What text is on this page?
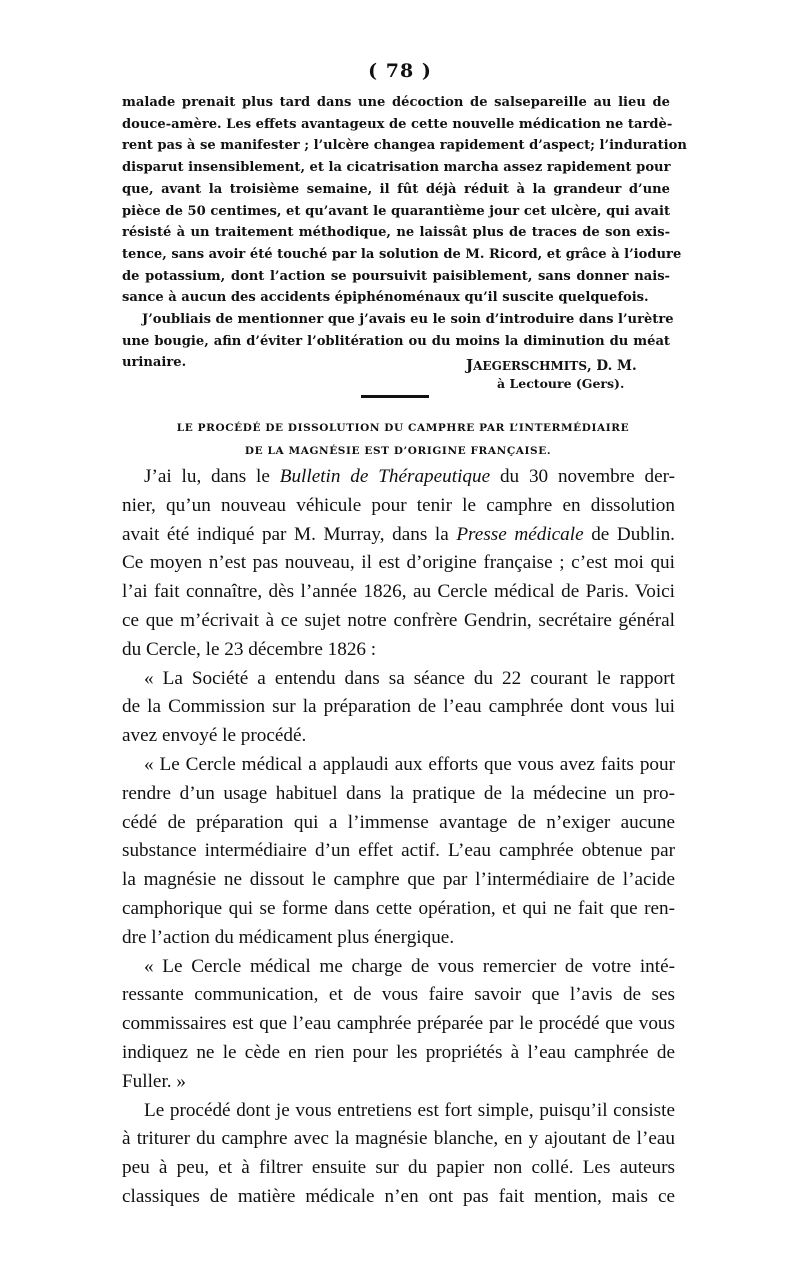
( 78 )
malade prenait plus tard dans une décoction de salsepareille au lieu de
douce-amère. Les effets avantageux de cette nouvelle médication ne tardè-
rent pas à se manifester ; l’ulcère changea rapidement d’aspect; l’induration
disparut insensiblement, et la cicatrisation marcha assez rapidement pour
que, avant la troisième semaine, il fût déjà réduit à la grandeur d’une
pièce de 50 centimes, et qu’avant le quarantième jour cet ulcère, qui avait
résisté à un traitement méthodique, ne laissât plus de traces de son exis-
tence, sans avoir été touché par la solution de M. Ricord, et grâce à l’iodure
de potassium, dont l’action se poursuivit paisiblement, sans donner nais-
sance à aucun des accidents épiphénoménaux qu’il suscite quelquefois.
J’oubliais de mentionner que j’avais eu le soin d’introduire dans l’urètre
une bougie, afin d’éviter l’oblitération ou du moins la diminution du méat
urinaire.	JAEGERSCHMITS, D. M.
à Lectoure (Gers).
LE PROCÉDÉ DE DISSOLUTION DU CAMPHRE PAR L’INTERMÉDIAIRE
DE LA MAGNÉSIE EST D’ORIGINE FRANÇAISE.
J’ai lu, dans le Bulletin de Thérapeutique du 30 novembre der-
nier, qu’un nouveau véhicule pour tenir le camphre en dissolution
avait été indiqué par M. Murray, dans la Presse médicale de Dublin.
Ce moyen n’est pas nouveau, il est d’origine française ; c’est moi qui
l’ai fait connaître, dès l’année 1826, au Cercle médical de Paris. Voici
ce que m’écrivait à ce sujet notre confrère Gendrin, secrétaire général
du Cercle, le 23 décembre 1826 :
« La Société a entendu dans sa séance du 22 courant le rapport
de la Commission sur la préparation de l’eau camphrée dont vous lui
avez envoyé le procédé.
« Le Cercle médical a applaudi aux efforts que vous avez faits pour
rendre d’un usage habituel dans la pratique de la médecine un pro-
cédé de préparation qui a l’immense avantage de n’exiger aucune
substance intermédiaire d’un effet actif. L’eau camphrée obtenue par
la magnésie ne dissout le camphre que par l’intermédiaire de l’acide
camphorique qui se forme dans cette opération, et qui ne fait que ren-
dre l’action du médicament plus énergique.
« Le Cercle médical me charge de vous remercier de votre inté-
ressante communication, et de vous faire savoir que l’avis de ses
commissaires est que l’eau camphrée préparée par le procédé que vous
indiquez ne le cède en rien pour les propriétés à l’eau camphrée de
Fuller. »
Le procédé dont je vous entretiens est fort simple, puisqu’il consiste
à triturer du camphre avec la magnésie blanche, en y ajoutant de l’eau
peu à peu, et à filtrer ensuite sur du papier non collé. Les auteurs
classiques de matière médicale n’en ont pas fait mention, mais ce
